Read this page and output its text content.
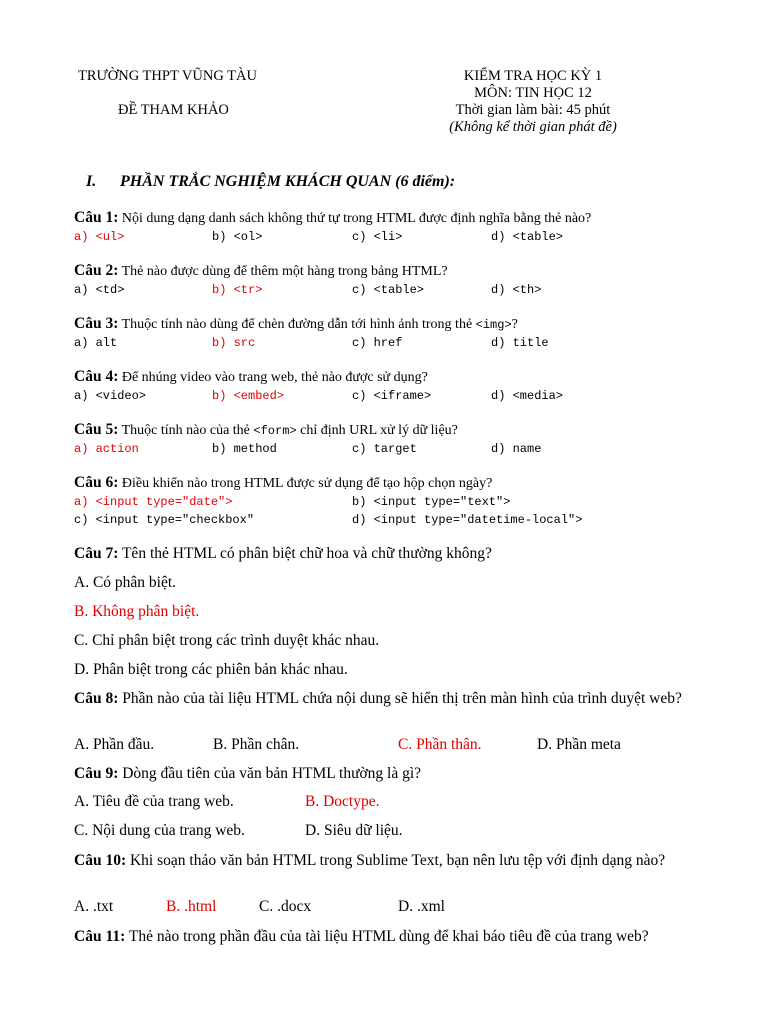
TRƯỜNG THPT VŨNG TÀU
ĐỀ THAM KHẢO
KIỂM TRA HỌC KỲ 1
MÔN: TIN HỌC 12
Thời gian làm bài: 45 phút
(Không kể thời gian phát đề)
I. PHẦN TRẮC NGHIỆM KHÁCH QUAN (6 điểm):
Câu 1: Nội dung dạng danh sách không thứ tự trong HTML được định nghĩa bằng thẻ nào?
a) <ul>	b) <ol>	c) <li>	d) <table>
Câu 2: Thẻ nào được dùng để thêm một hàng trong bảng HTML?
a) <td>	b) <tr>	c) <table>	d) <th>
Câu 3: Thuộc tính nào dùng để chèn đường dẫn tới hình ảnh trong thẻ <img>?
a) alt	b) src	c) href	d) title
Câu 4: Để nhúng video vào trang web, thẻ nào được sử dụng?
a) <video>	b) <embed>	c) <iframe>	d) <media>
Câu 5: Thuộc tính nào của thẻ <form> chỉ định URL xử lý dữ liệu?
a) action	b) method	c) target	d) name
Câu 6: Điều khiển nào trong HTML được sử dụng để tạo hộp chọn ngày?
a) <input type="date">	b) <input type="text">
c) <input type="checkbox"	d) <input type="datetime-local">
Câu 7: Tên thẻ HTML có phân biệt chữ hoa và chữ thường không?
A. Có phân biệt.
B. Không phân biệt.
C. Chỉ phân biệt trong các trình duyệt khác nhau.
D. Phân biệt trong các phiên bản khác nhau.
Câu 8: Phần nào của tài liệu HTML chứa nội dung sẽ hiển thị trên màn hình của trình duyệt web?
A. Phần đầu.	B. Phần chân.	C. Phần thân.	D. Phần meta
Câu 9: Dòng đầu tiên của văn bản HTML thường là gì?
A. Tiêu đề của trang web.	B. Doctype.
C. Nội dung của trang web.	D. Siêu dữ liệu.
Câu 10: Khi soạn thảo văn bản HTML trong Sublime Text, bạn nên lưu tệp với định dạng nào?
A. .txt	B. .html	C. .docx	D. .xml
Câu 11: Thẻ nào trong phần đầu của tài liệu HTML dùng để khai báo tiêu đề của trang web?
